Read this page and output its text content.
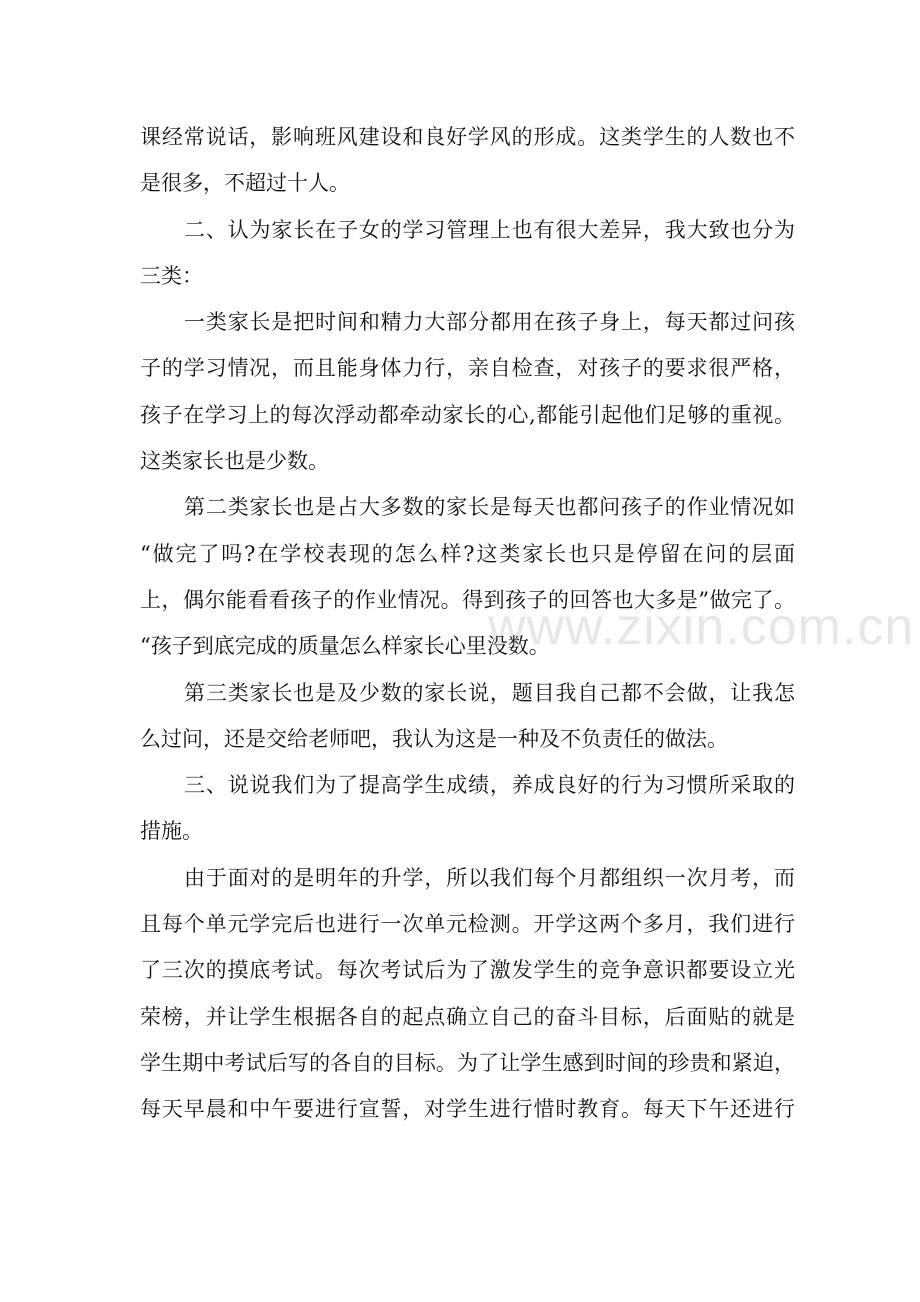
课经常说话，影响班风建设和良好学风的形成。这类学生的人数也不
是很多，不超过十人。
二、认为家长在子女的学习管理上也有很大差异，我大致也分为
三类：
一类家长是把时间和精力大部分都用在孩子身上，每天都过问孩
子的学习情况，而且能身体力行，亲自检查，对孩子的要求很严格，
孩子在学习上的每次浮动都牵动家长的心,都能引起他们足够的重视。
这类家长也是少数。
第二类家长也是占大多数的家长是每天也都问孩子的作业情况如
“做完了吗?在学校表现的怎么样?这类家长也只是停留在问的层面
上，偶尔能看看孩子的作业情况。得到孩子的回答也大多是”做完了。
“孩子到底完成的质量怎么样家长心里没数。
第三类家长也是及少数的家长说，题目我自己都不会做，让我怎
么过问，还是交给老师吧，我认为这是一种及不负责任的做法。
三、说说我们为了提高学生成绩，养成良好的行为习惯所采取的
措施。
由于面对的是明年的升学，所以我们每个月都组织一次月考，而
且每个单元学完后也进行一次单元检测。开学这两个多月，我们进行
了三次的摸底考试。每次考试后为了激发学生的竞争意识都要设立光
荣榜，并让学生根据各自的起点确立自己的奋斗目标，后面贴的就是
学生期中考试后写的各自的目标。为了让学生感到时间的珍贵和紧迫，
每天早晨和中午要进行宣誓，对学生进行惜时教育。每天下午还进行
www.zixin.com.cn
